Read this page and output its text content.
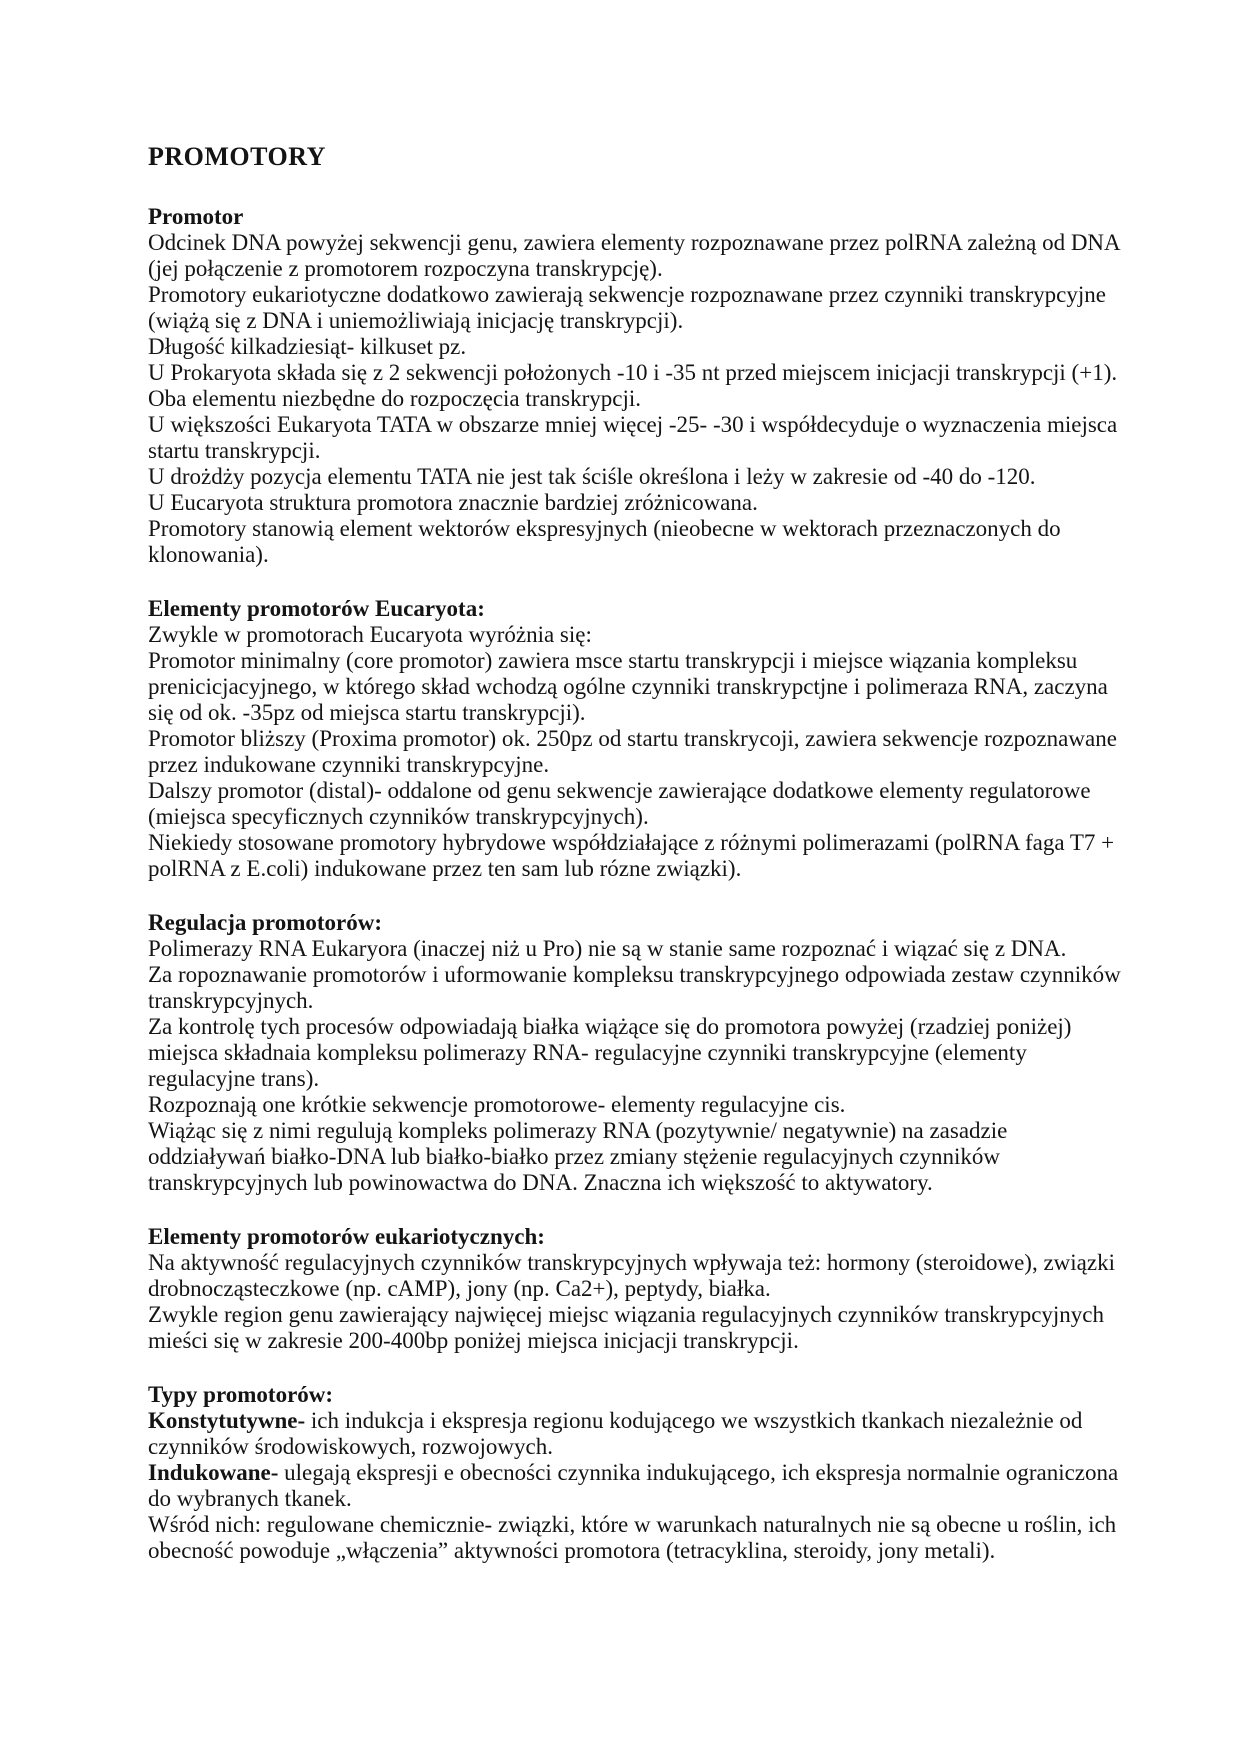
PROMOTORY
Promotor

Odcinek DNA powyżej sekwencji genu, zawiera elementy rozpoznawane przez polRNA zależną od DNA (jej połączenie z promotorem rozpoczyna transkrypcję).

Promotory eukariotyczne dodatkowo zawierają sekwencje rozpoznawane przez czynniki transkrypcyjne (wiążą się z DNA i uniemożliwiają inicjację transkrypcji).

Długość kilkadziesiąt- kilkuset pz.

U Prokaryota składa się z 2 sekwencji położonych -10 i -35 nt przed miejscem inicjacji transkrypcji (+1). Oba elementu niezbędne do rozpoczęcia transkrypcji.

U większości Eukaryota TATA w obszarze mniej więcej -25- -30 i współdecyduje o wyznaczenia miejsca startu transkrypcji.

U drożdży pozycja elementu TATA nie jest tak ściśle określona i leży w zakresie od -40 do -120.

U Eucaryota struktura promotora znacznie bardziej zróżnicowana.

Promotory stanowią element wektorów ekspresyjnych (nieobecne w wektorach przeznaczonych do klonowania).

Elementy promotorów Eucaryota:

Zwykle w promotorach Eucaryota wyróżnia się:

Promotor minimalny (core promotor) zawiera msce startu transkrypcji i miejsce wiązania kompleksu prenicicjacyjnego, w którego skład wchodzą ogólne czynniki transkrypctjne i polimeraza RNA, zaczyna się od ok. -35pz od miejsca startu transkrypcji).

Promotor bliższy (Proxima promotor) ok. 250pz od startu transkrycoji, zawiera sekwencje rozpoznawane przez indukowane czynniki transkrypcyjne.

Dalszy promotor (distal)- oddalone od genu sekwencje zawierające dodatkowe elementy regulatorowe (miejsca specyficznych czynników transkrypcyjnych).

Niekiedy stosowane promotory hybrydowe współdziałające z różnymi polimerazami (polRNA faga T7 + polRNA z E.coli) indukowane przez ten sam lub rózne związki).

Regulacja promotorów:

Polimerazy RNA Eukaryora (inaczej niż u Pro) nie są w stanie same rozpoznać i wiązać się z DNA.

Za ropoznawanie promotorów i uformowanie kompleksu transkrypcyjnego odpowiada zestaw czynników transkrypcyjnych.

Za kontrolę tych procesów odpowiadają białka wiążące się do promotora powyżej (rzadziej poniżej) miejsca składnaia kompleksu polimerazy RNA- regulacyjne czynniki transkrypcyjne (elementy regulacyjne trans).

Rozpoznają one krótkie sekwencje promotorowe- elementy regulacyjne cis.

Wiążąc się z nimi regulują kompleks polimerazy RNA (pozytywnie/ negatywnie) na zasadzie oddziaływań białko-DNA lub białko-białko przez zmiany stężenie regulacyjnych czynników transkrypcyjnych lub powinowactwa do DNA. Znaczna ich większość to aktywatory.

Elementy promotorów eukariotycznych:

Na aktywność regulacyjnych czynników transkrypcyjnych wpływaja też: hormony (steroidowe), związki drobnocząsteczkowe (np. cAMP), jony (np. Ca2+), peptydy, białka.

Zwykle region genu zawierający najwięcej miejsc wiązania regulacyjnych czynników transkrypcyjnych mieści się w zakresie 200-400bp poniżej miejsca inicjacji transkrypcji.

Typy promotorów:

Konstytutywne- ich indukcja i ekspresja regionu kodującego we wszystkich tkankach niezależnie od czynników środowiskowych, rozwojowych.

Indukowane- ulegają ekspresji e obecności czynnika indukującego, ich ekspresja normalnie ograniczona do wybranych tkanek.

Wśród nich: regulowane chemicznie- związki, które w warunkach naturalnych nie są obecne u roślin, ich obecność powoduje „włączenia” aktywności promotora (tetracyklina, steroidy, jony metali).
